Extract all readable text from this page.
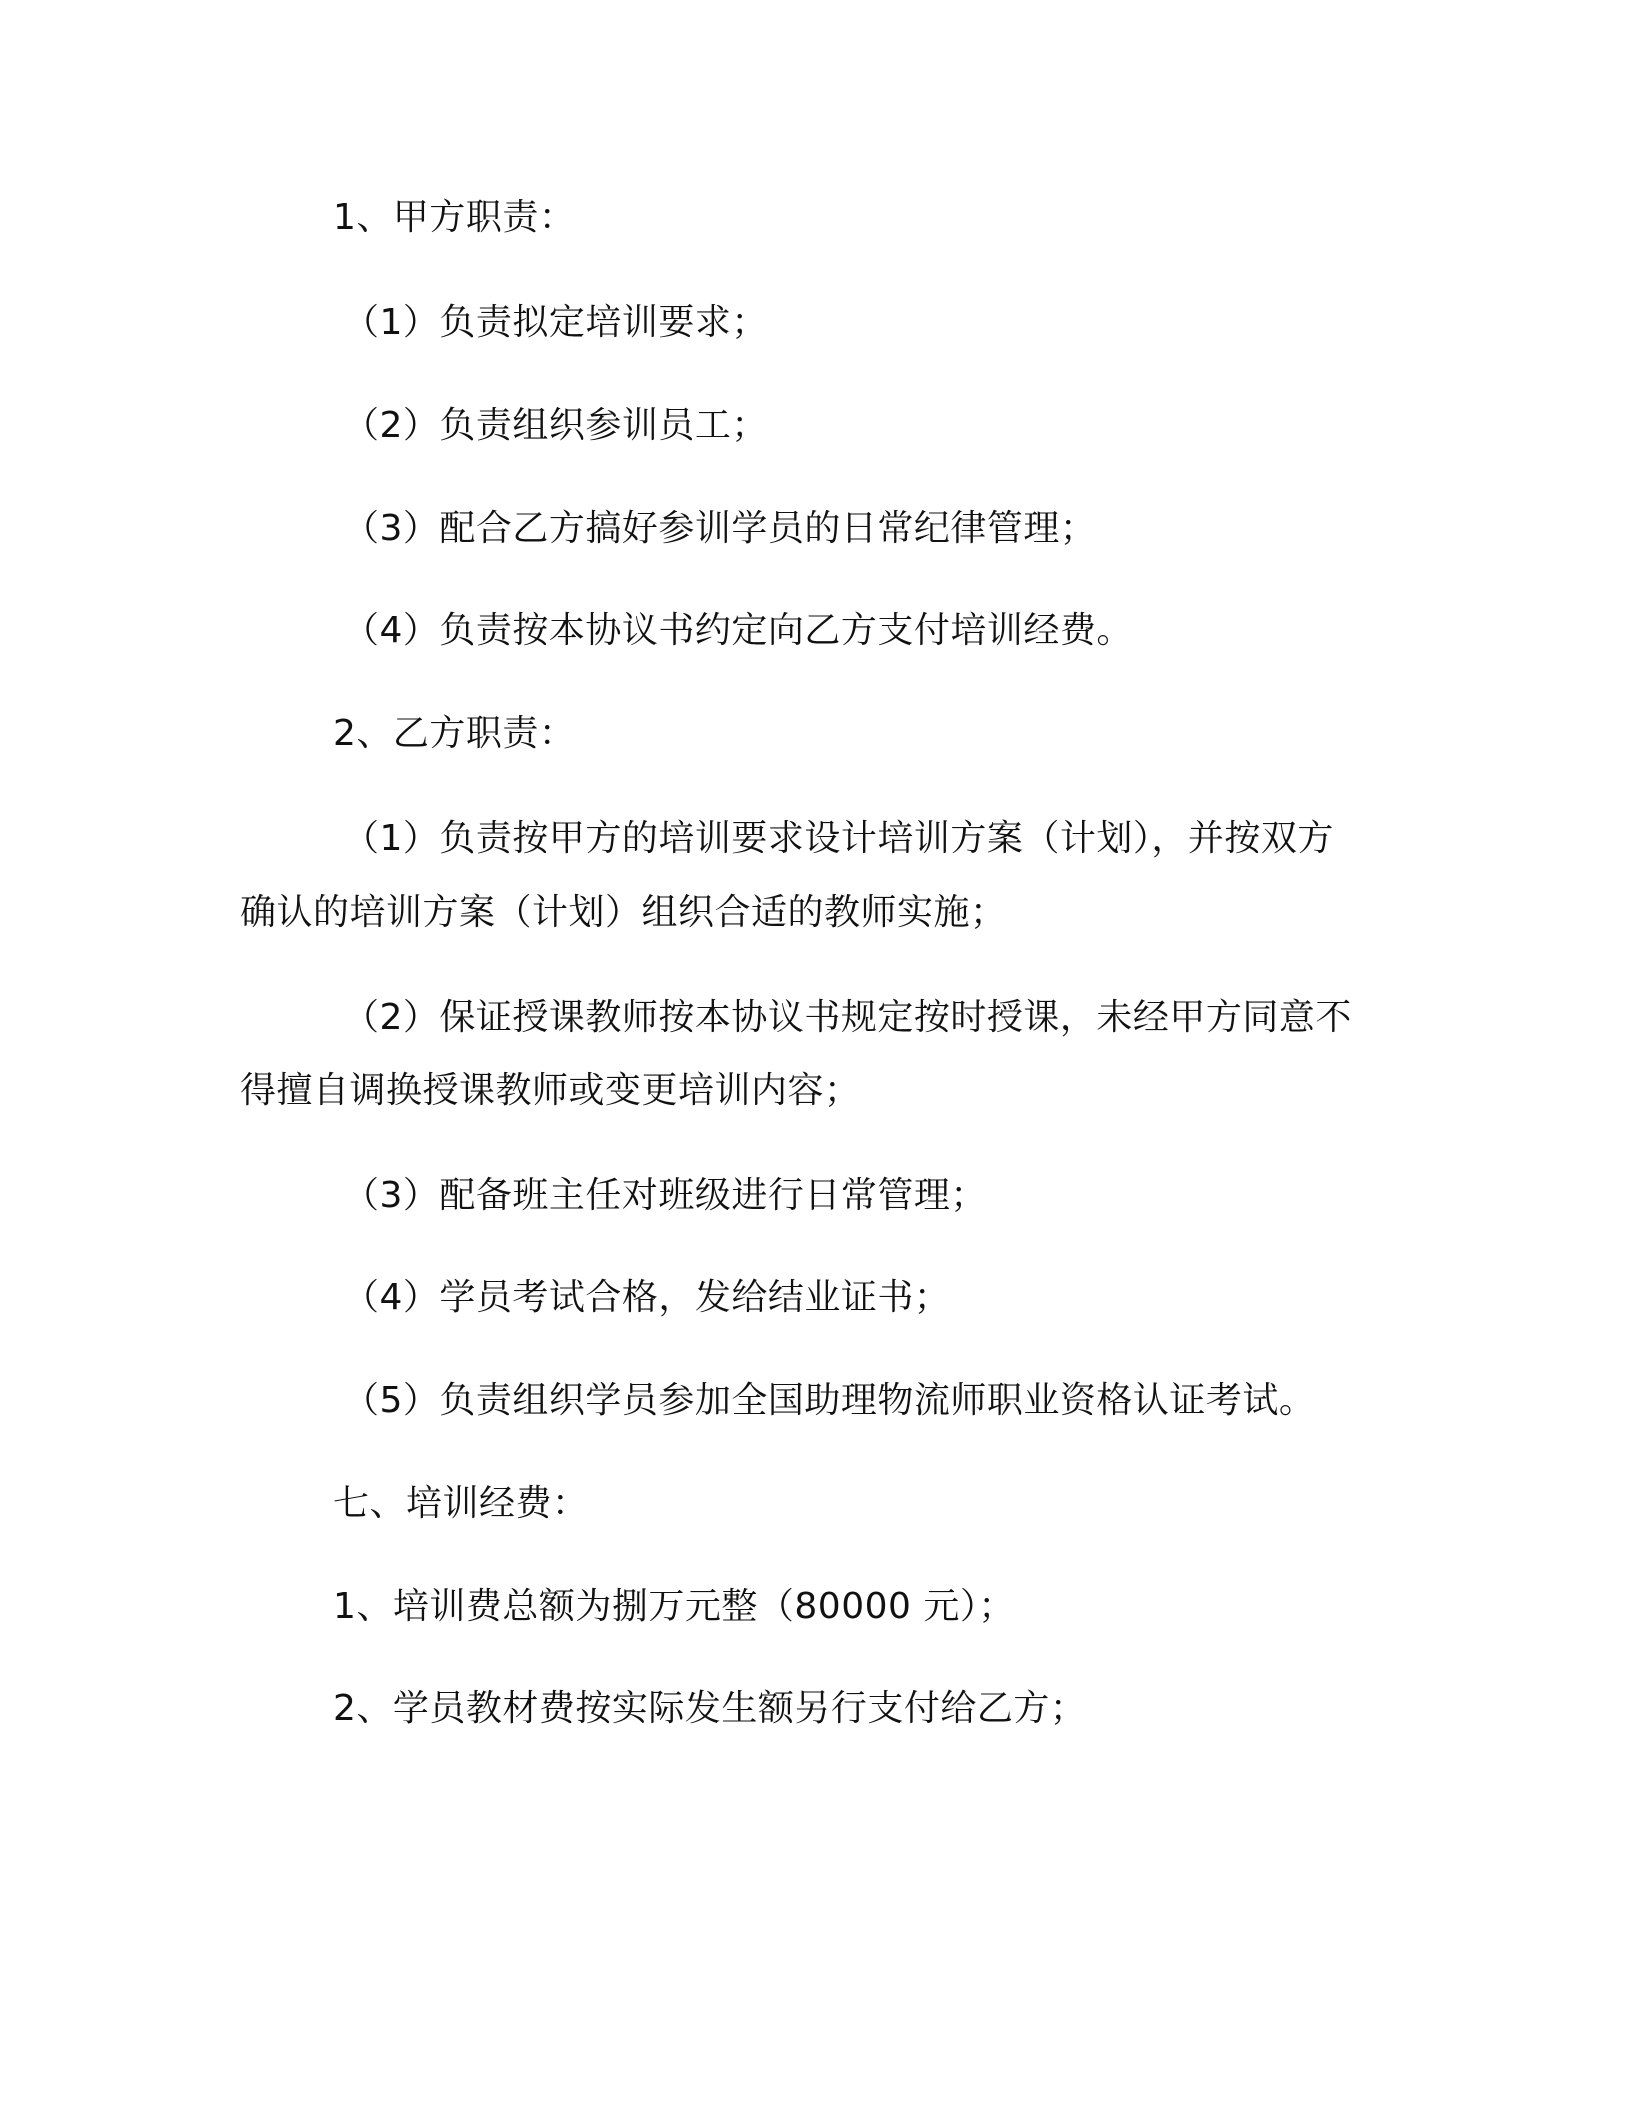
1、甲方职责：
（1）负责拟定培训要求；
（2）负责组织参训员工；
（3）配合乙方搞好参训学员的日常纪律管理；
（4）负责按本协议书约定向乙方支付培训经费。
2、乙方职责：
（1）负责按甲方的培训要求设计培训方案（计划），并按双方
确认的培训方案（计划）组织合适的教师实施；
（2）保证授课教师按本协议书规定按时授课，未经甲方同意不
得擅自调换授课教师或变更培训内容；
（3）配备班主任对班级进行日常管理；
（4）学员考试合格，发给结业证书；
（5）负责组织学员参加全国助理物流师职业资格认证考试。
七、培训经费：
1、培训费总额为捌万元整（80000 元）；
2、学员教材费按实际发生额另行支付给乙方；
